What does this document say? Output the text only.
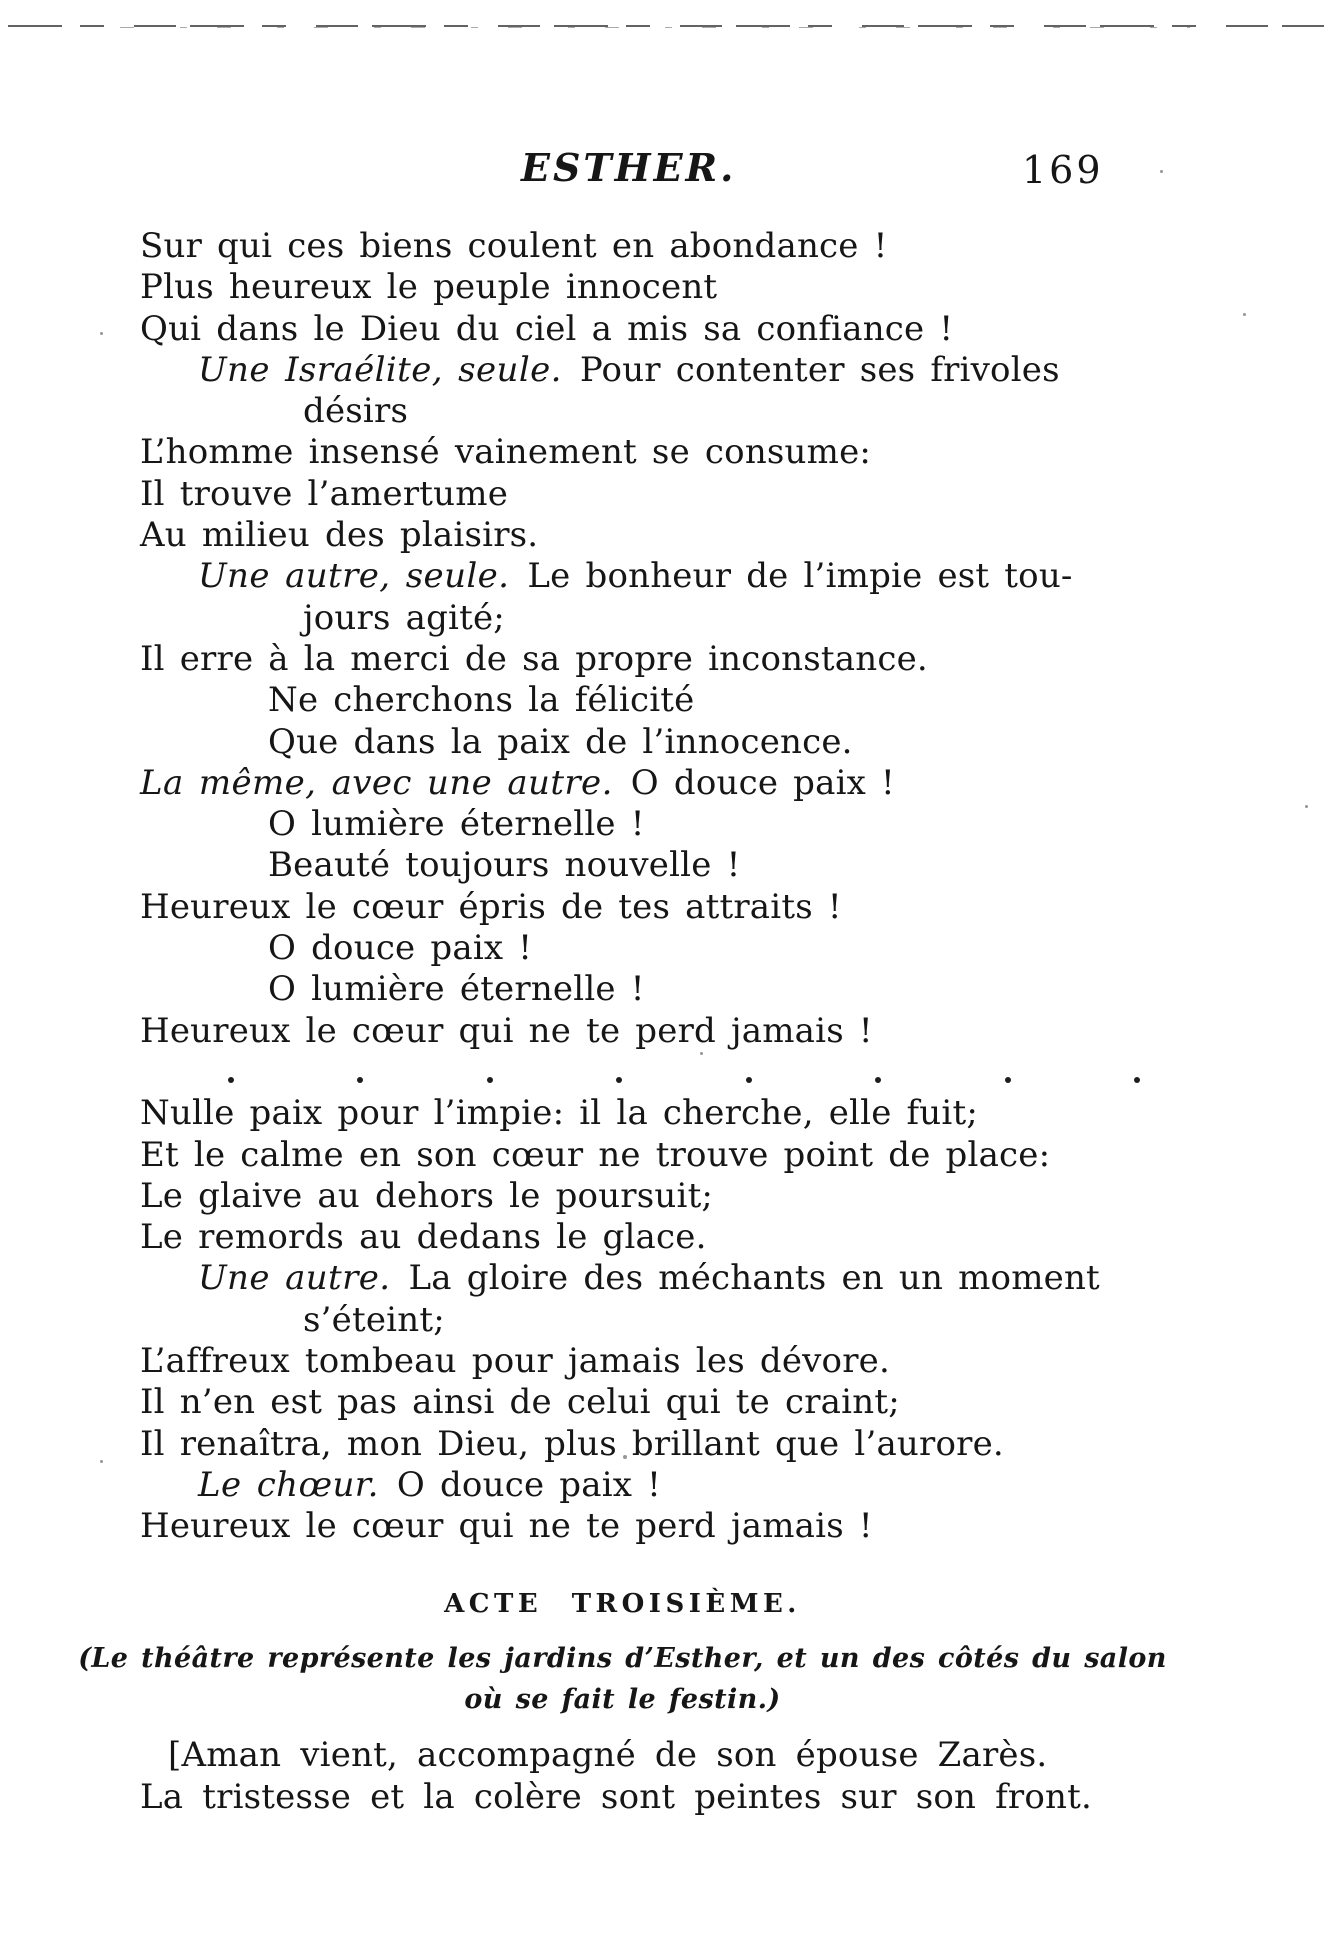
ESTHER.	169
Sur qui ces biens coulent en abondance !
Plus heureux le peuple innocent
Qui dans le Dieu du ciel a mis sa confiance !
Une Israélite, seule. Pour contenter ses frivoles
désirs
L’homme insensé vainement se consume:
Il trouve l’amertume
Au milieu des plaisirs.
Une autre, seule. Le bonheur de l’impie est tou-
jours agité;
Il erre à la merci de sa propre inconstance.
Ne cherchons la félicité
Que dans la paix de l’innocence.
La même, avec une autre. O douce paix !
O lumière éternelle !
Beauté toujours nouvelle !
Heureux le cœur épris de tes attraits !
O douce paix !
O lumière éternelle !
Heureux le cœur qui ne te perd jamais !
Nulle paix pour l’impie: il la cherche, elle fuit;
Et le calme en son cœur ne trouve point de place:
Le glaive au dehors le poursuit;
Le remords au dedans le glace.
Une autre. La gloire des méchants en un moment
s’éteint;
L’affreux tombeau pour jamais les dévore.
Il n’en est pas ainsi de celui qui te craint;
Il renaîtra, mon Dieu, plus brillant que l’aurore.
Le chœur. O douce paix !
Heureux le cœur qui ne te perd jamais !
ACTE TROISIÈME.
(Le théâtre représente les jardins d’Esther, et un des côtés du salon
où se fait le festin.)
[Aman vient, accompagné de son épouse Zarès.
La tristesse et la colère sont peintes sur son front.
